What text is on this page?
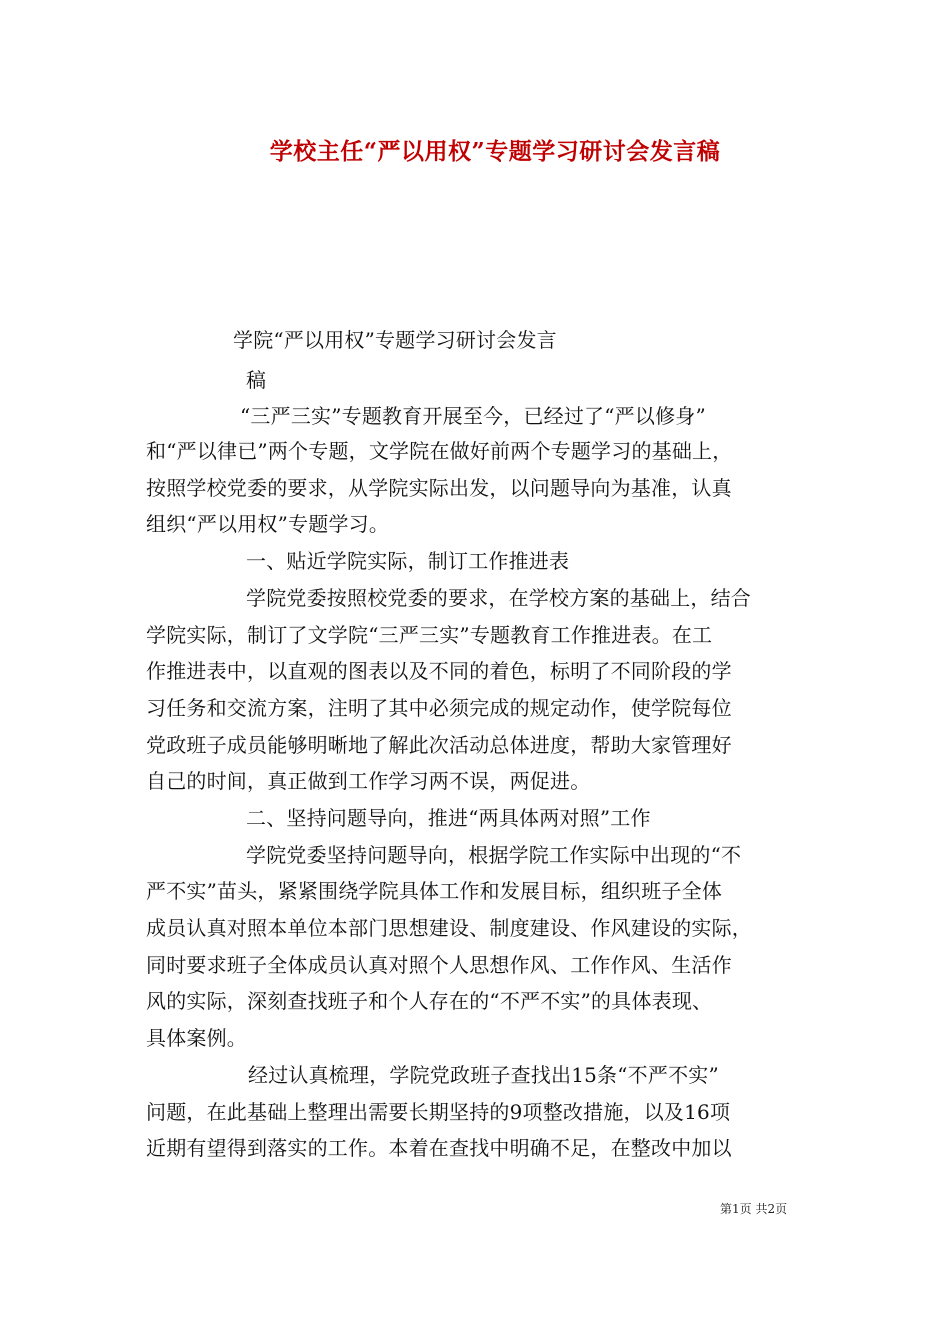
学校主任“严以用权”专题学习研讨会发言稿
学院“严以用权”专题学习研讨会发言
稿
“三严三实”专题教育开展至今，已经过了“严以修身”
和“严以律已”两个专题，文学院在做好前两个专题学习的基础上，
按照学校党委的要求，从学院实际出发，以问题导向为基准，认真
组织“严以用权”专题学习。
一、贴近学院实际，制订工作推进表
学院党委按照校党委的要求，在学校方案的基础上，结合
学院实际，制订了文学院“三严三实”专题教育工作推进表。在工
作推进表中，以直观的图表以及不同的着色，标明了不同阶段的学
习任务和交流方案，注明了其中必须完成的规定动作，使学院每位
党政班子成员能够明晰地了解此次活动总体进度，帮助大家管理好
自己的时间，真正做到工作学习两不误，两促进。
二、坚持问题导向，推进“两具体两对照”工作
学院党委坚持问题导向，根据学院工作实际中出现的“不
严不实”苗头，紧紧围绕学院具体工作和发展目标，组织班子全体
成员认真对照本单位本部门思想建设、制度建设、作风建设的实际，
同时要求班子全体成员认真对照个人思想作风、工作作风、生活作
风的实际，深刻查找班子和个人存在的“不严不实”的具体表现、
具体案例。
经过认真梳理，学院党政班子查找出15条“不严不实”
问题，在此基础上整理出需要长期坚持的9项整改措施，以及16项
近期有望得到落实的工作。本着在查找中明确不足，在整改中加以
第1页 共2页
